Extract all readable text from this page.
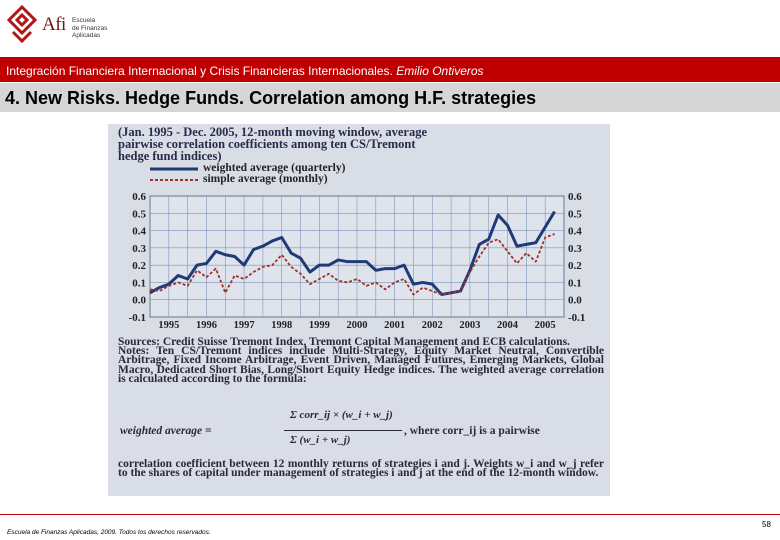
Afi Escuela
de Finanzas
Aplicadas
Integración Financiera Internacional y Crisis Financieras Internacionales. Emilio Ontiveros
4. New Risks. Hedge Funds. Correlation among H.F. strategies
(Jan. 1995 - Dec. 2005, 12-month moving window, average
pairwise correlation coefficients among ten CS/Tremont
hedge fund indices)
weighted average (quarterly)
simple average (monthly)
0.6	0.6
0.5	0.5
0.4	0.4
0.3	0.3
0.2	0.2
0.1	0.1
0.0	0.0
-0.1	-0.1
1995 1996 1997 1998 1999 2000 2001 2002 2003 2004 2005

Sources: Credit Suisse Tremont Index, Tremont Capital Management and ECB calculations.

Notes: Ten CS/Tremont indices include Multi-Strategy, Equity Market Neutral, Convertible Arbitrage, Fixed Income Arbitrage, Event Driven, Managed Futures, Emerging Markets, Global Macro, Dedicated Short Bias, Long/Short Equity Hedge indices. The weighted average correlation is calculated according to the formula:

weighted average =
Σ corr_ij × (w_i + w_j)
Σ (w_i + w_j)
, where corr_ij is a pairwise
correlation coefficient between 12 monthly returns of strategies i and j. Weights w_i and w_j refer to the shares of capital under management of strategies i and j at the end of the 12-month window.
Escuela de Finanzas Aplicadas, 2009. Todos los derechos reservados.
58
